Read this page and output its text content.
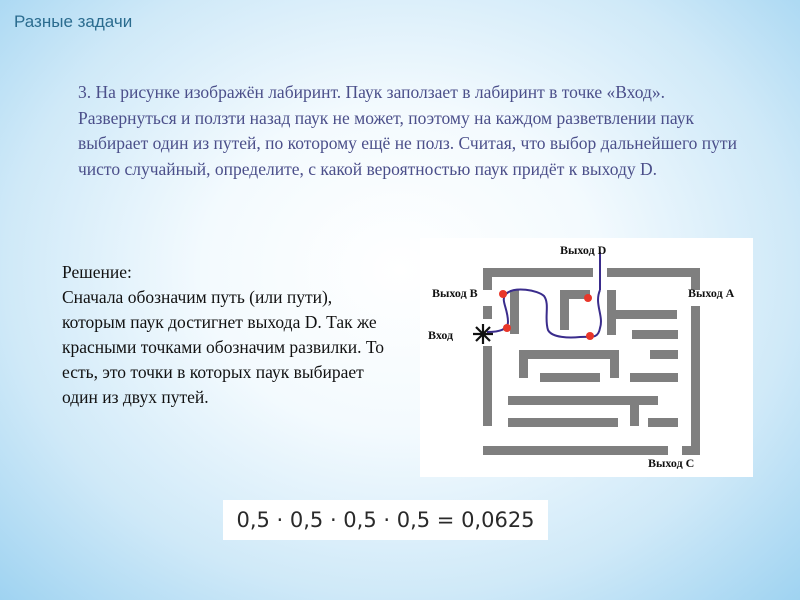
Разные задачи
3. На рисунке изображён лабиринт. Паук заползает в лабиринт в точке «Вход». Развернуться и ползти назад паук не может, поэтому на каждом разветвлении паук выбирает один из путей, по которому ещё не полз. Считая, что выбор дальнейшего пути чисто случайный, определите, с какой вероятностью паук придёт к выходу D.
Решение:
Сначала обозначим путь (или пути), которым паук достигнет выхода D. Так же красными точками обозначим развилки. То есть, это точки в которых паук выбирает один из двух путей.
Выход D
Выход B	Выход A
Вход
Выход C
0,5 · 0,5 · 0,5 · 0,5 = 0,0625
